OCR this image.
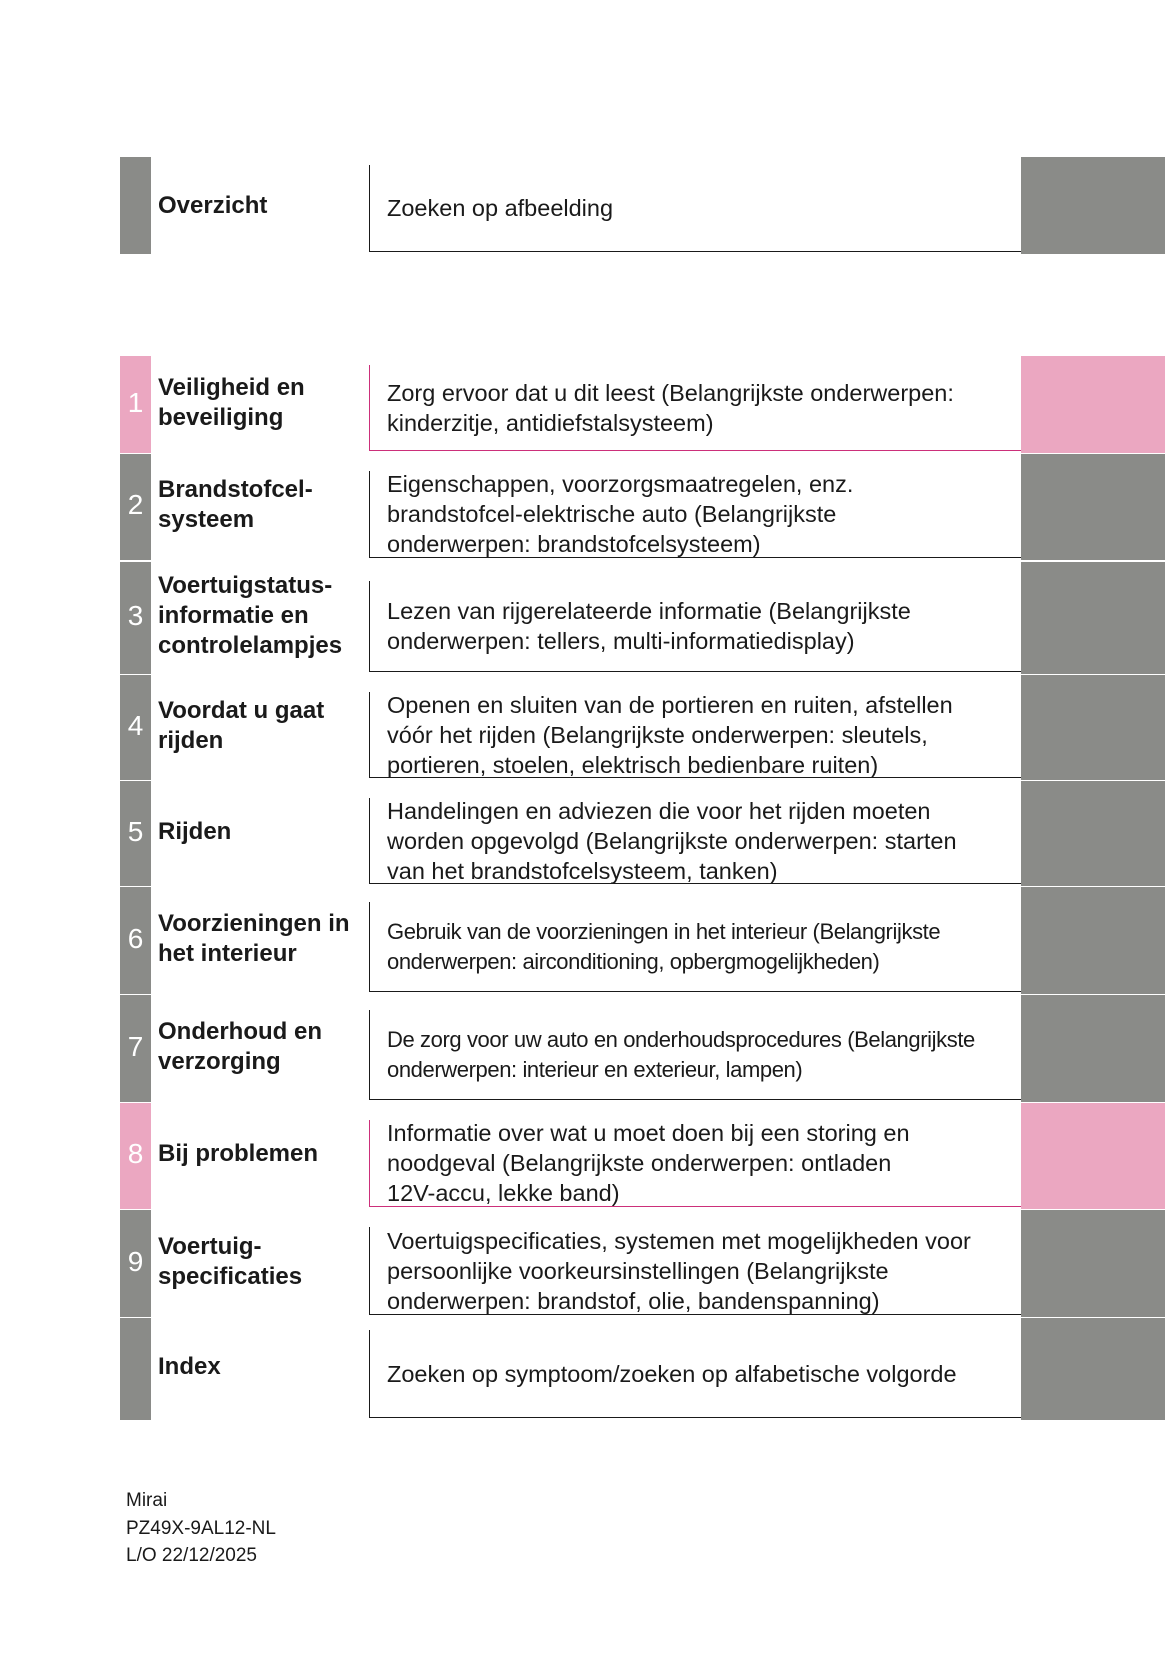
Overzicht	Zoeken op afbeelding
1 Veiligheid en
beveiliging
Zorg ervoor dat u dit leest (Belangrijkste onderwerpen:
kinderzitje, antidiefstalsysteem)
2 Brandstofcel-
systeem
Eigenschappen, voorzorgsmaatregelen, enz.
brandstofcel-elektrische auto (Belangrijkste
onderwerpen: brandstofcelsysteem)
3
Voertuigstatus-
informatie en
controlelampjes
Lezen van rijgerelateerde informatie (Belangrijkste
onderwerpen: tellers, multi-informatiedisplay)
4 Voordat u gaat
rijden
Openen en sluiten van de portieren en ruiten, afstellen
vóór het rijden (Belangrijkste onderwerpen: sleutels,
portieren, stoelen, elektrisch bedienbare ruiten)
5 Rijden
Handelingen en adviezen die voor het rijden moeten
worden opgevolgd (Belangrijkste onderwerpen: starten
van het brandstofcelsysteem, tanken)
6 Voorzieningen in
het interieur
Gebruik van de voorzieningen in het interieur (Belangrijkste
onderwerpen: airconditioning, opbergmogelijkheden)
7 Onderhoud en
verzorging
De zorg voor uw auto en onderhoudsprocedures (Belangrijkste
onderwerpen: interieur en exterieur, lampen)
8 Bij problemen
Informatie over wat u moet doen bij een storing en
noodgeval (Belangrijkste onderwerpen: ontladen
12V-accu, lekke band)
9 Voertuig-
specificaties
Voertuigspecificaties, systemen met mogelijkheden voor
persoonlijke voorkeursinstellingen (Belangrijkste
onderwerpen: brandstof, olie, bandenspanning)
Index	Zoeken op symptoom/zoeken op alfabetische volgorde
Mirai
PZ49X-9AL12-NL
L/O 22/12/2025
